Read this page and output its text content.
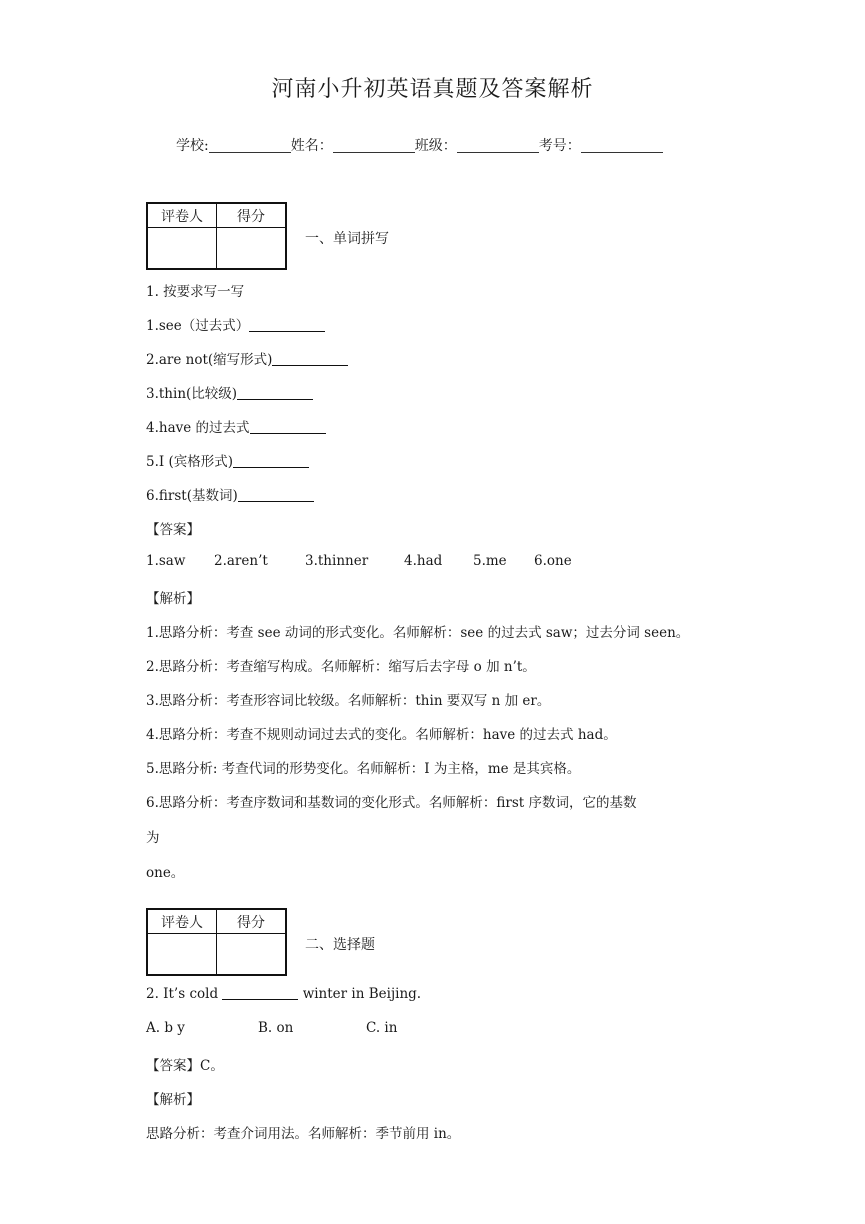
河南小升初英语真题及答案解析
学校:	姓名：	班级：	考号：
评卷人	得分

一、单词拼写
1. 按要求写一写
1.see（过去式）
2.are not(缩写形式)
3.thin(比较级)
4.have 的过去式
5.I (宾格形式)
6.first(基数词)
【答案】
1.saw 2.aren’t	3.thinner	4.had 5.me 6.one
【解析】
1.思路分析：考查 see 动词的形式变化。名师解析：see 的过去式 saw；过去分词 seen。
2.思路分析：考查缩写构成。名师解析：缩写后去字母 o 加 n’t。
3.思路分析：考查形容词比较级。名师解析：thin 要双写 n 加 er。
4.思路分析：考查不规则动词过去式的变化。名师解析：have 的过去式 had。
5.思路分析: 考查代词的形势变化。名师解析：I 为主格，me 是其宾格。
6.思路分析：考查序数词和基数词的变化形式。名师解析：first 序数词，它的基数
为
one。
评卷人	得分

二、选择题
2. It’s cold	winter in Beijing.
A. b y	B. on	C. in
【答案】C。
【解析】
思路分析：考查介词用法。名师解析：季节前用 in。
